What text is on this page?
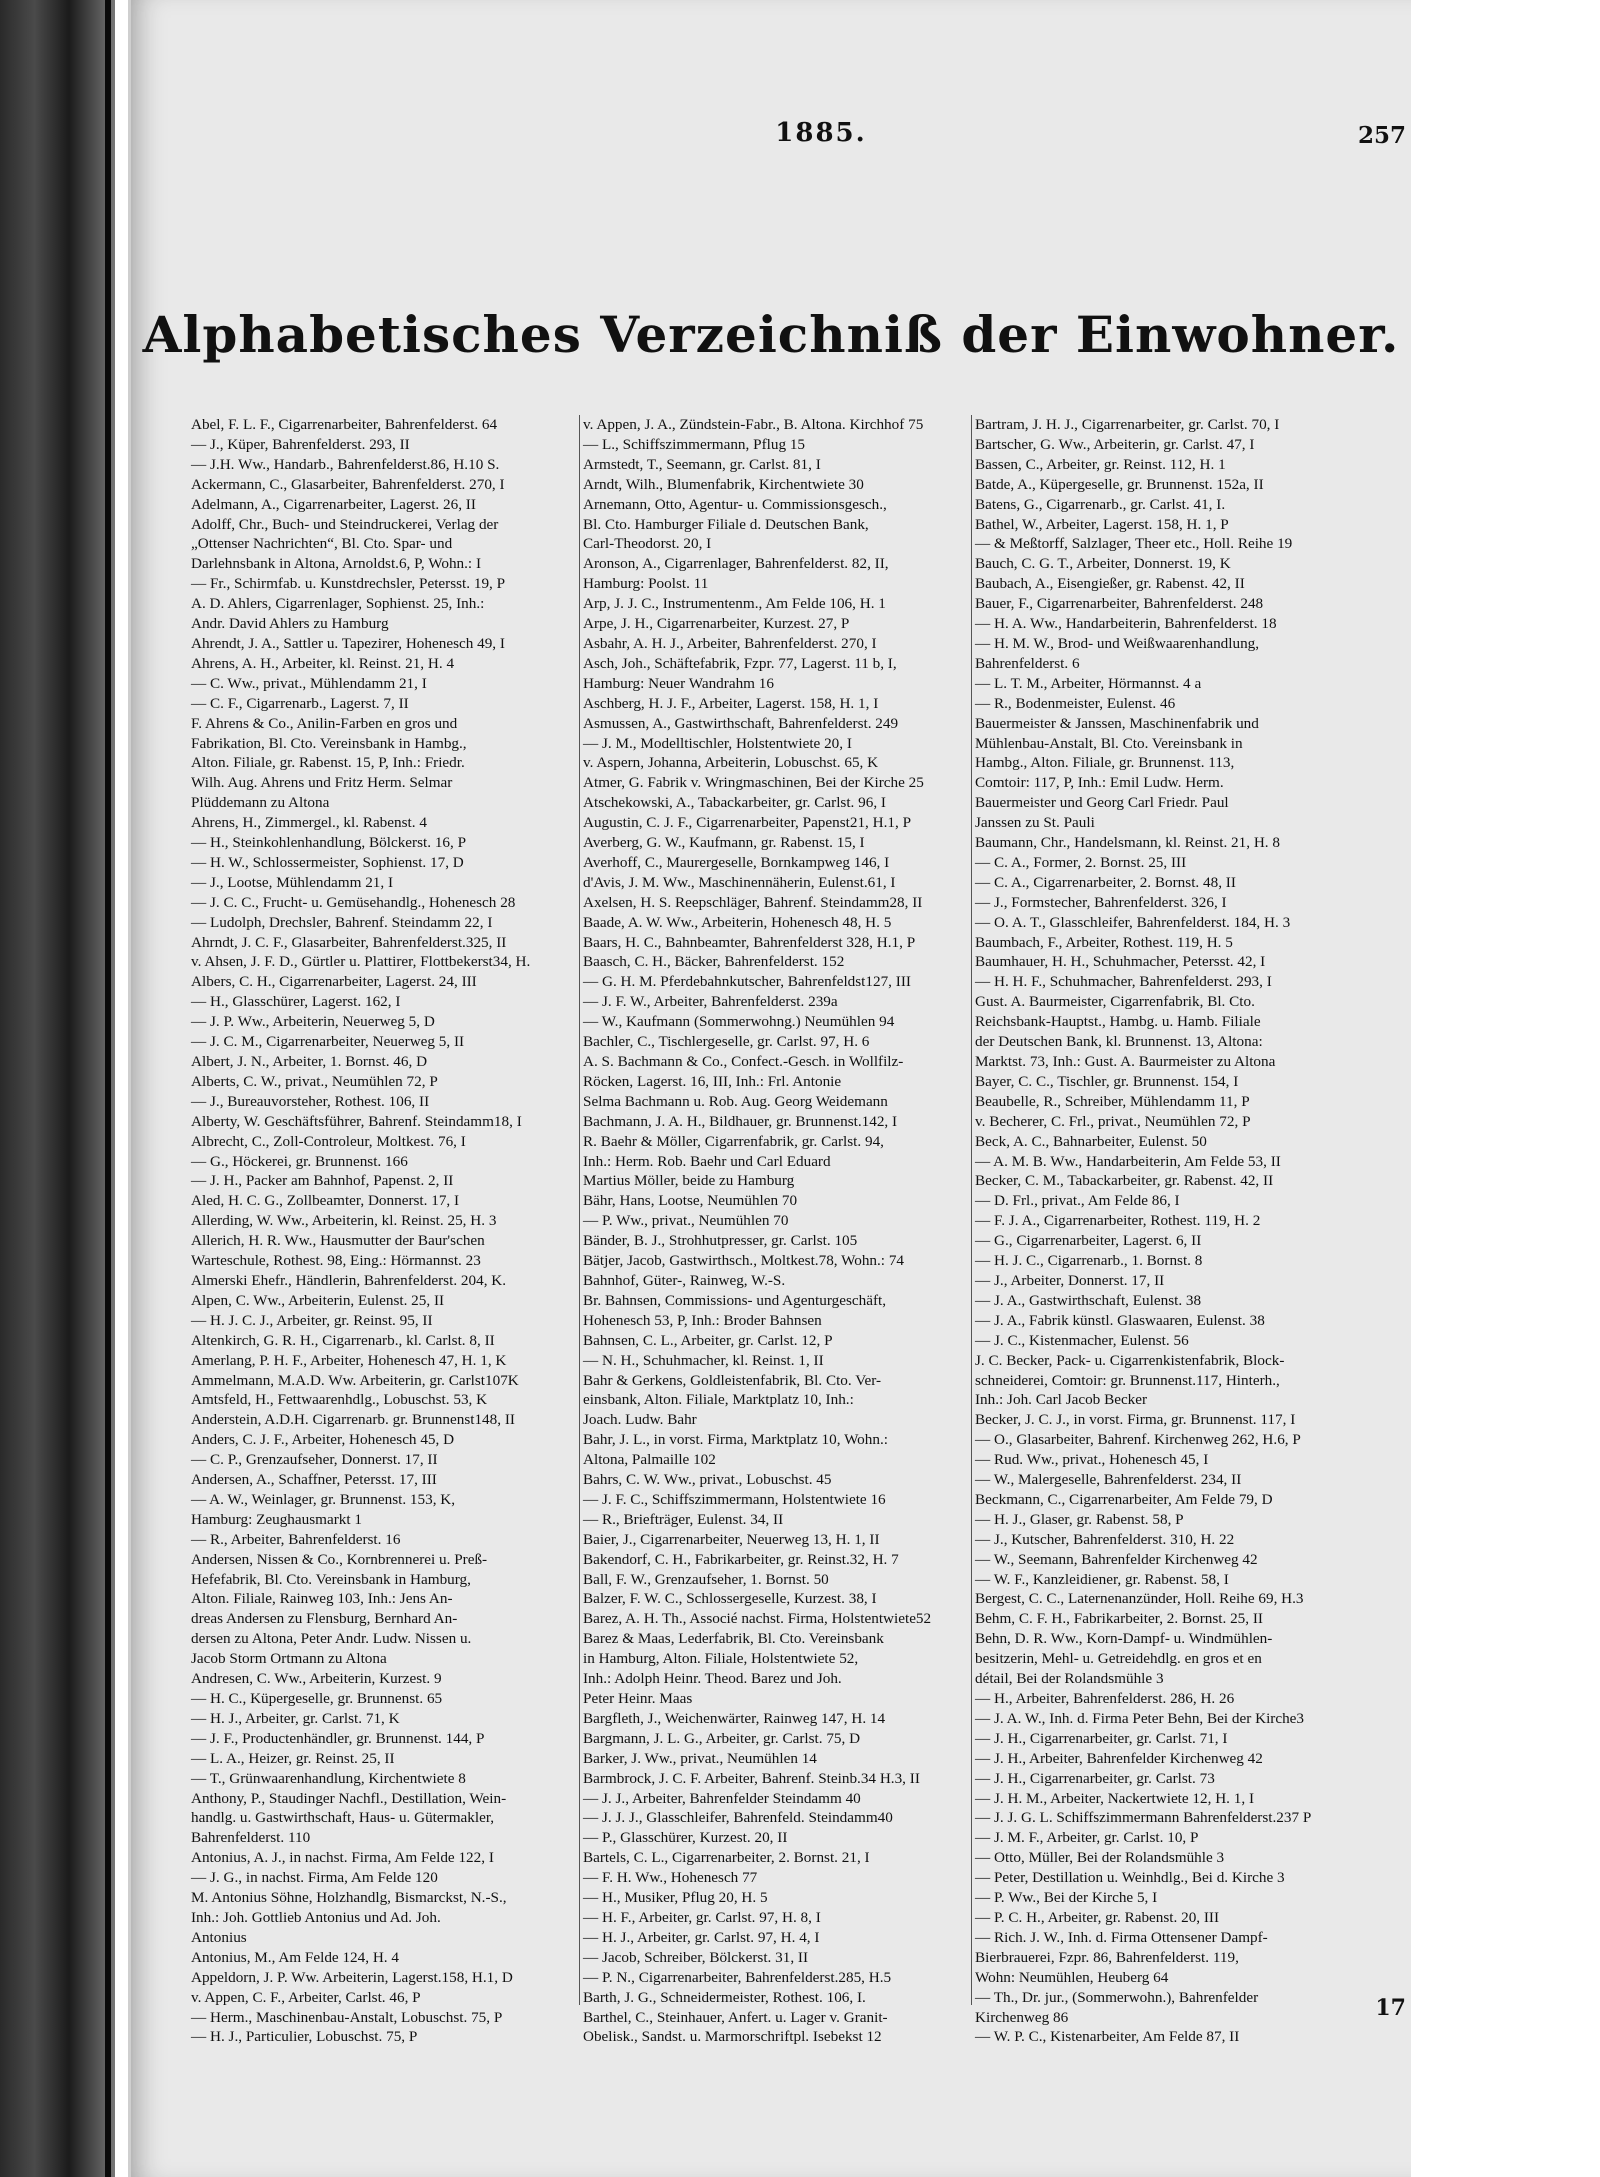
1885.	257
Alphabetisches Verzeichniß der Einwohner.
Abel, F. L. F., Cigarrenarbeiter, Bahrenfelderst. 64
— J., Küper, Bahrenfelderst. 293, II
— J.H. Ww., Handarb., Bahrenfelderst.86, H.10 S.
Ackermann, C., Glasarbeiter, Bahrenfelderst. 270, I
Adelmann, A., Cigarrenarbeiter, Lagerst. 26, II
Adolff, Chr., Buch- und Steindruckerei, Verlag der
„Ottenser Nachrichten“, Bl. Cto. Spar- und
Darlehnsbank in Altona, Arnoldst.6, P, Wohn.: I
— Fr., Schirmfab. u. Kunstdrechsler, Petersst. 19, P
A. D. Ahlers, Cigarrenlager, Sophienst. 25, Inh.:
Andr. David Ahlers zu Hamburg
Ahrendt, J. A., Sattler u. Tapezirer, Hohenesch 49, I
Ahrens, A. H., Arbeiter, kl. Reinst. 21, H. 4
— C. Ww., privat., Mühlendamm 21, I
— C. F., Cigarrenarb., Lagerst. 7, II
F. Ahrens & Co., Anilin-Farben en gros und
Fabrikation, Bl. Cto. Vereinsbank in Hambg.,
Alton. Filiale, gr. Rabenst. 15, P, Inh.: Friedr.
Wilh. Aug. Ahrens und Fritz Herm. Selmar
Plüddemann zu Altona
Ahrens, H., Zimmergel., kl. Rabenst. 4
— H., Steinkohlenhandlung, Bölckerst. 16, P
— H. W., Schlossermeister, Sophienst. 17, D
— J., Lootse, Mühlendamm 21, I
— J. C. C., Frucht- u. Gemüsehandlg., Hohenesch 28
— Ludolph, Drechsler, Bahrenf. Steindamm 22, I
Ahrndt, J. C. F., Glasarbeiter, Bahrenfelderst.325, II
v. Ahsen, J. F. D., Gürtler u. Plattirer, Flottbekerst34, H.
Albers, C. H., Cigarrenarbeiter, Lagerst. 24, III
— H., Glasschürer, Lagerst. 162, I
— J. P. Ww., Arbeiterin, Neuerweg 5, D
— J. C. M., Cigarrenarbeiter, Neuerweg 5, II
Albert, J. N., Arbeiter, 1. Bornst. 46, D
Alberts, C. W., privat., Neumühlen 72, P
— J., Bureauvorsteher, Rothest. 106, II
Alberty, W. Geschäftsführer, Bahrenf. Steindamm18, I
Albrecht, C., Zoll-Controleur, Moltkest. 76, I
— G., Höckerei, gr. Brunnenst. 166
— J. H., Packer am Bahnhof, Papenst. 2, II
Aled, H. C. G., Zollbeamter, Donnerst. 17, I
Allerding, W. Ww., Arbeiterin, kl. Reinst. 25, H. 3
Allerich, H. R. Ww., Hausmutter der Baur'schen
Warteschule, Rothest. 98, Eing.: Hörmannst. 23
Almerski Ehefr., Händlerin, Bahrenfelderst. 204, K.
Alpen, C. Ww., Arbeiterin, Eulenst. 25, II
— H. J. C. J., Arbeiter, gr. Reinst. 95, II
Altenkirch, G. R. H., Cigarrenarb., kl. Carlst. 8, II
Amerlang, P. H. F., Arbeiter, Hohenesch 47, H. 1, K
Ammelmann, M.A.D. Ww. Arbeiterin, gr. Carlst107K
Amtsfeld, H., Fettwaarenhdlg., Lobuschst. 53, K
Anderstein, A.D.H. Cigarrenarb. gr. Brunnenst148, II
Anders, C. J. F., Arbeiter, Hohenesch 45, D
— C. P., Grenzaufseher, Donnerst. 17, II
Andersen, A., Schaffner, Petersst. 17, III
— A. W., Weinlager, gr. Brunnenst. 153, K,
Hamburg: Zeughausmarkt 1
— R., Arbeiter, Bahrenfelderst. 16
Andersen, Nissen & Co., Kornbrennerei u. Preß-
Hefefabrik, Bl. Cto. Vereinsbank in Hamburg,
Alton. Filiale, Rainweg 103, Inh.: Jens An-
dreas Andersen zu Flensburg, Bernhard An-
dersen zu Altona, Peter Andr. Ludw. Nissen u.
Jacob Storm Ortmann zu Altona
Andresen, C. Ww., Arbeiterin, Kurzest. 9
— H. C., Küpergeselle, gr. Brunnenst. 65
— H. J., Arbeiter, gr. Carlst. 71, K
— J. F., Productenhändler, gr. Brunnenst. 144, P
— L. A., Heizer, gr. Reinst. 25, II
— T., Grünwaarenhandlung, Kirchentwiete 8
Anthony, P., Staudinger Nachfl., Destillation, Wein-
handlg. u. Gastwirthschaft, Haus- u. Gütermakler,
Bahrenfelderst. 110
Antonius, A. J., in nachst. Firma, Am Felde 122, I
— J. G., in nachst. Firma, Am Felde 120
M. Antonius Söhne, Holzhandlg, Bismarckst, N.-S.,
Inh.: Joh. Gottlieb Antonius und Ad. Joh.
Antonius
Antonius, M., Am Felde 124, H. 4
Appeldorn, J. P. Ww. Arbeiterin, Lagerst.158, H.1, D
v. Appen, C. F., Arbeiter, Carlst. 46, P
— Herm., Maschinenbau-Anstalt, Lobuschst. 75, P
— H. J., Particulier, Lobuschst. 75, P
v. Appen, J. A., Zündstein-Fabr., B. Altona. Kirchhof 75
— L., Schiffszimmermann, Pflug 15
Armstedt, T., Seemann, gr. Carlst. 81, I
Arndt, Wilh., Blumenfabrik, Kirchentwiete 30
Arnemann, Otto, Agentur- u. Commissionsgesch.,
Bl. Cto. Hamburger Filiale d. Deutschen Bank,
Carl-Theodorst. 20, I
Aronson, A., Cigarrenlager, Bahrenfelderst. 82, II,
Hamburg: Poolst. 11
Arp, J. J. C., Instrumentenm., Am Felde 106, H. 1
Arpe, J. H., Cigarrenarbeiter, Kurzest. 27, P
Asbahr, A. H. J., Arbeiter, Bahrenfelderst. 270, I
Asch, Joh., Schäftefabrik, Fzpr. 77, Lagerst. 11 b, I,
Hamburg: Neuer Wandrahm 16
Aschberg, H. J. F., Arbeiter, Lagerst. 158, H. 1, I
Asmussen, A., Gastwirthschaft, Bahrenfelderst. 249
— J. M., Modelltischler, Holstentwiete 20, I
v. Aspern, Johanna, Arbeiterin, Lobuschst. 65, K
Atmer, G. Fabrik v. Wringmaschinen, Bei der Kirche 25
Atschekowski, A., Tabackarbeiter, gr. Carlst. 96, I
Augustin, C. J. F., Cigarrenarbeiter, Papenst21, H.1, P
Averberg, G. W., Kaufmann, gr. Rabenst. 15, I
Averhoff, C., Maurergeselle, Bornkampweg 146, I
d'Avis, J. M. Ww., Maschinennäherin, Eulenst.61, I
Axelsen, H. S. Reepschläger, Bahrenf. Steindamm28, II
Baade, A. W. Ww., Arbeiterin, Hohenesch 48, H. 5
Baars, H. C., Bahnbeamter, Bahrenfelderst 328, H.1, P
Baasch, C. H., Bäcker, Bahrenfelderst. 152
— G. H. M. Pferdebahnkutscher, Bahrenfeldst127, III
— J. F. W., Arbeiter, Bahrenfelderst. 239a
— W., Kaufmann (Sommerwohng.) Neumühlen 94
Bachler, C., Tischlergeselle, gr. Carlst. 97, H. 6
A. S. Bachmann & Co., Confect.-Gesch. in Wollfilz-
Röcken, Lagerst. 16, III, Inh.: Frl. Antonie
Selma Bachmann u. Rob. Aug. Georg Weidemann
Bachmann, J. A. H., Bildhauer, gr. Brunnenst.142, I
R. Baehr & Möller, Cigarrenfabrik, gr. Carlst. 94,
Inh.: Herm. Rob. Baehr und Carl Eduard
Martius Möller, beide zu Hamburg
Bähr, Hans, Lootse, Neumühlen 70
— P. Ww., privat., Neumühlen 70
Bänder, B. J., Strohhutpresser, gr. Carlst. 105
Bätjer, Jacob, Gastwirthsch., Moltkest.78, Wohn.: 74
Bahnhof, Güter-, Rainweg, W.-S.
Br. Bahnsen, Commissions- und Agenturgeschäft,
Hohenesch 53, P, Inh.: Broder Bahnsen
Bahnsen, C. L., Arbeiter, gr. Carlst. 12, P
— N. H., Schuhmacher, kl. Reinst. 1, II
Bahr & Gerkens, Goldleistenfabrik, Bl. Cto. Ver-
einsbank, Alton. Filiale, Marktplatz 10, Inh.:
Joach. Ludw. Bahr
Bahr, J. L., in vorst. Firma, Marktplatz 10, Wohn.:
Altona, Palmaille 102
Bahrs, C. W. Ww., privat., Lobuschst. 45
— J. F. C., Schiffszimmermann, Holstentwiete 16
— R., Briefträger, Eulenst. 34, II
Baier, J., Cigarrenarbeiter, Neuerweg 13, H. 1, II
Bakendorf, C. H., Fabrikarbeiter, gr. Reinst.32, H. 7
Ball, F. W., Grenzaufseher, 1. Bornst. 50
Balzer, F. W. C., Schlossergeselle, Kurzest. 38, I
Barez, A. H. Th., Associé nachst. Firma, Holstentwiete52
Barez & Maas, Lederfabrik, Bl. Cto. Vereinsbank
in Hamburg, Alton. Filiale, Holstentwiete 52,
Inh.: Adolph Heinr. Theod. Barez und Joh.
Peter Heinr. Maas
Bargfleth, J., Weichenwärter, Rainweg 147, H. 14
Bargmann, J. L. G., Arbeiter, gr. Carlst. 75, D
Barker, J. Ww., privat., Neumühlen 14
Barmbrock, J. C. F. Arbeiter, Bahrenf. Steinb.34 H.3, II
— J. J., Arbeiter, Bahrenfelder Steindamm 40
— J. J. J., Glasschleifer, Bahrenfeld. Steindamm40
— P., Glasschürer, Kurzest. 20, II
Bartels, C. L., Cigarrenarbeiter, 2. Bornst. 21, I
— F. H. Ww., Hohenesch 77
— H., Musiker, Pflug 20, H. 5
— H. F., Arbeiter, gr. Carlst. 97, H. 8, I
— H. J., Arbeiter, gr. Carlst. 97, H. 4, I
— Jacob, Schreiber, Bölckerst. 31, II
— P. N., Cigarrenarbeiter, Bahrenfelderst.285, H.5
Barth, J. G., Schneidermeister, Rothest. 106, I.
Barthel, C., Steinhauer, Anfert. u. Lager v. Granit-
Obelisk., Sandst. u. Marmorschriftpl. Isebekst 12
Bartram, J. H. J., Cigarrenarbeiter, gr. Carlst. 70, I
Bartscher, G. Ww., Arbeiterin, gr. Carlst. 47, I
Bassen, C., Arbeiter, gr. Reinst. 112, H. 1
Batde, A., Küpergeselle, gr. Brunnenst. 152a, II
Batens, G., Cigarrenarb., gr. Carlst. 41, I.
Bathel, W., Arbeiter, Lagerst. 158, H. 1, P
— & Meßtorff, Salzlager, Theer etc., Holl. Reihe 19
Bauch, C. G. T., Arbeiter, Donnerst. 19, K
Baubach, A., Eisengießer, gr. Rabenst. 42, II
Bauer, F., Cigarrenarbeiter, Bahrenfelderst. 248
— H. A. Ww., Handarbeiterin, Bahrenfelderst. 18
— H. M. W., Brod- und Weißwaarenhandlung,
Bahrenfelderst. 6
— L. T. M., Arbeiter, Hörmannst. 4 a
— R., Bodenmeister, Eulenst. 46
Bauermeister & Janssen, Maschinenfabrik und
Mühlenbau-Anstalt, Bl. Cto. Vereinsbank in
Hambg., Alton. Filiale, gr. Brunnenst. 113,
Comtoir: 117, P, Inh.: Emil Ludw. Herm.
Bauermeister und Georg Carl Friedr. Paul
Janssen zu St. Pauli
Baumann, Chr., Handelsmann, kl. Reinst. 21, H. 8
— C. A., Former, 2. Bornst. 25, III
— C. A., Cigarrenarbeiter, 2. Bornst. 48, II
— J., Formstecher, Bahrenfelderst. 326, I
— O. A. T., Glasschleifer, Bahrenfelderst. 184, H. 3
Baumbach, F., Arbeiter, Rothest. 119, H. 5
Baumhauer, H. H., Schuhmacher, Petersst. 42, I
— H. H. F., Schuhmacher, Bahrenfelderst. 293, I
Gust. A. Baurmeister, Cigarrenfabrik, Bl. Cto.
Reichsbank-Hauptst., Hambg. u. Hamb. Filiale
der Deutschen Bank, kl. Brunnenst. 13, Altona:
Marktst. 73, Inh.: Gust. A. Baurmeister zu Altona
Bayer, C. C., Tischler, gr. Brunnenst. 154, I
Beaubelle, R., Schreiber, Mühlendamm 11, P
v. Becherer, C. Frl., privat., Neumühlen 72, P
Beck, A. C., Bahnarbeiter, Eulenst. 50
— A. M. B. Ww., Handarbeiterin, Am Felde 53, II
Becker, C. M., Tabackarbeiter, gr. Rabenst. 42, II
— D. Frl., privat., Am Felde 86, I
— F. J. A., Cigarrenarbeiter, Rothest. 119, H. 2
— G., Cigarrenarbeiter, Lagerst. 6, II
— H. J. C., Cigarrenarb., 1. Bornst. 8
— J., Arbeiter, Donnerst. 17, II
— J. A., Gastwirthschaft, Eulenst. 38
— J. A., Fabrik künstl. Glaswaaren, Eulenst. 38
— J. C., Kistenmacher, Eulenst. 56
J. C. Becker, Pack- u. Cigarrenkistenfabrik, Block-
schneiderei, Comtoir: gr. Brunnenst.117, Hinterh.,
Inh.: Joh. Carl Jacob Becker
Becker, J. C. J., in vorst. Firma, gr. Brunnenst. 117, I
— O., Glasarbeiter, Bahrenf. Kirchenweg 262, H.6, P
— Rud. Ww., privat., Hohenesch 45, I
— W., Malergeselle, Bahrenfelderst. 234, II
Beckmann, C., Cigarrenarbeiter, Am Felde 79, D
— H. J., Glaser, gr. Rabenst. 58, P
— J., Kutscher, Bahrenfelderst. 310, H. 22
— W., Seemann, Bahrenfelder Kirchenweg 42
— W. F., Kanzleidiener, gr. Rabenst. 58, I
Bergest, C. C., Laternenanzünder, Holl. Reihe 69, H.3
Behm, C. F. H., Fabrikarbeiter, 2. Bornst. 25, II
Behn, D. R. Ww., Korn-Dampf- u. Windmühlen-
besitzerin, Mehl- u. Getreidehdlg. en gros et en
détail, Bei der Rolandsmühle 3
— H., Arbeiter, Bahrenfelderst. 286, H. 26
— J. A. W., Inh. d. Firma Peter Behn, Bei der Kirche3
— J. H., Cigarrenarbeiter, gr. Carlst. 71, I
— J. H., Arbeiter, Bahrenfelder Kirchenweg 42
— J. H., Cigarrenarbeiter, gr. Carlst. 73
— J. H. M., Arbeiter, Nackertwiete 12, H. 1, I
— J. J. G. L. Schiffszimmermann Bahrenfelderst.237 P
— J. M. F., Arbeiter, gr. Carlst. 10, P
— Otto, Müller, Bei der Rolandsmühle 3
— Peter, Destillation u. Weinhdlg., Bei d. Kirche 3
— P. Ww., Bei der Kirche 5, I
— P. C. H., Arbeiter, gr. Rabenst. 20, III
— Rich. J. W., Inh. d. Firma Ottensener Dampf-
Bierbrauerei, Fzpr. 86, Bahrenfelderst. 119,
Wohn: Neumühlen, Heuberg 64
— Th., Dr. jur., (Sommerwohn.), Bahrenfelder
Kirchenweg 86
— W. P. C., Kistenarbeiter, Am Felde 87, II
17
